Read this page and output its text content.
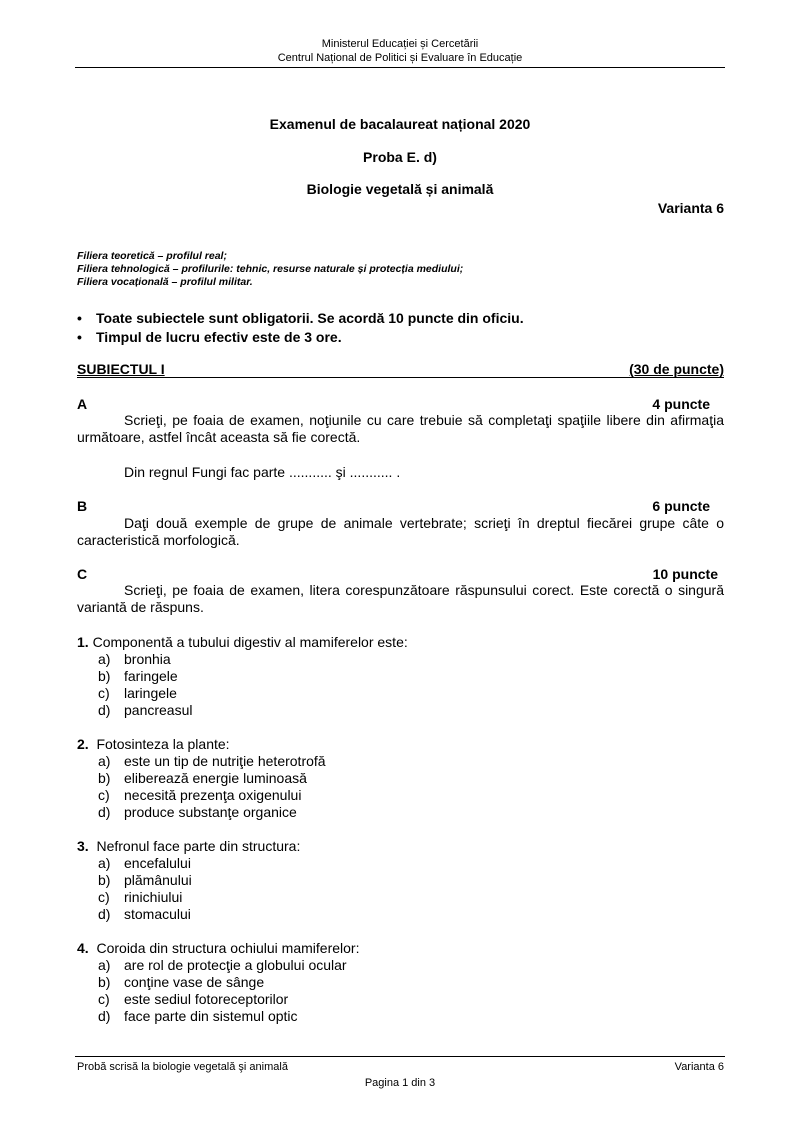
Ministerul Educației și Cercetării
Centrul Național de Politici și Evaluare în Educație
Examenul de bacalaureat național 2020
Proba E. d)
Biologie vegetală și animală
Varianta 6
Filiera teoretică – profilul real;
Filiera tehnologică – profilurile: tehnic, resurse naturale și protecția mediului;
Filiera vocațională – profilul militar.
• Toate subiectele sunt obligatorii. Se acordă 10 puncte din oficiu.
• Timpul de lucru efectiv este de 3 ore.
SUBIECTUL I	(30 de puncte)
A	4 puncte
Scrieţi, pe foaia de examen, noţiunile cu care trebuie să completaţi spaţiile libere din afirmaţia următoare, astfel încât aceasta să fie corectă.
Din regnul Fungi fac parte ........... şi ........... .
B	6 puncte
Daţi două exemple de grupe de animale vertebrate; scrieţi în dreptul fiecărei grupe câte o caracteristică morfologică.
C	10 puncte
Scrieţi, pe foaia de examen, litera corespunzătoare răspunsului corect. Este corectă o singură variantă de răspuns.
1. Componentă a tubului digestiv al mamiferelor este:
a) bronhia
b) faringele
c) laringele
d) pancreasul
2. Fotosinteza la plante:
a) este un tip de nutriţie heterotrofă
b) eliberează energie luminoasă
c) necesită prezenţa oxigenului
d) produce substanţe organice
3. Nefronul face parte din structura:
a) encefalului
b) plămânului
c) rinichiului
d) stomacului
4. Coroida din structura ochiului mamiferelor:
a) are rol de protecţie a globului ocular
b) conţine vase de sânge
c) este sediul fotoreceptorilor
d) face parte din sistemul optic
Probă scrisă la biologie vegetală şi animală	Varianta 6
Pagina 1 din 3
